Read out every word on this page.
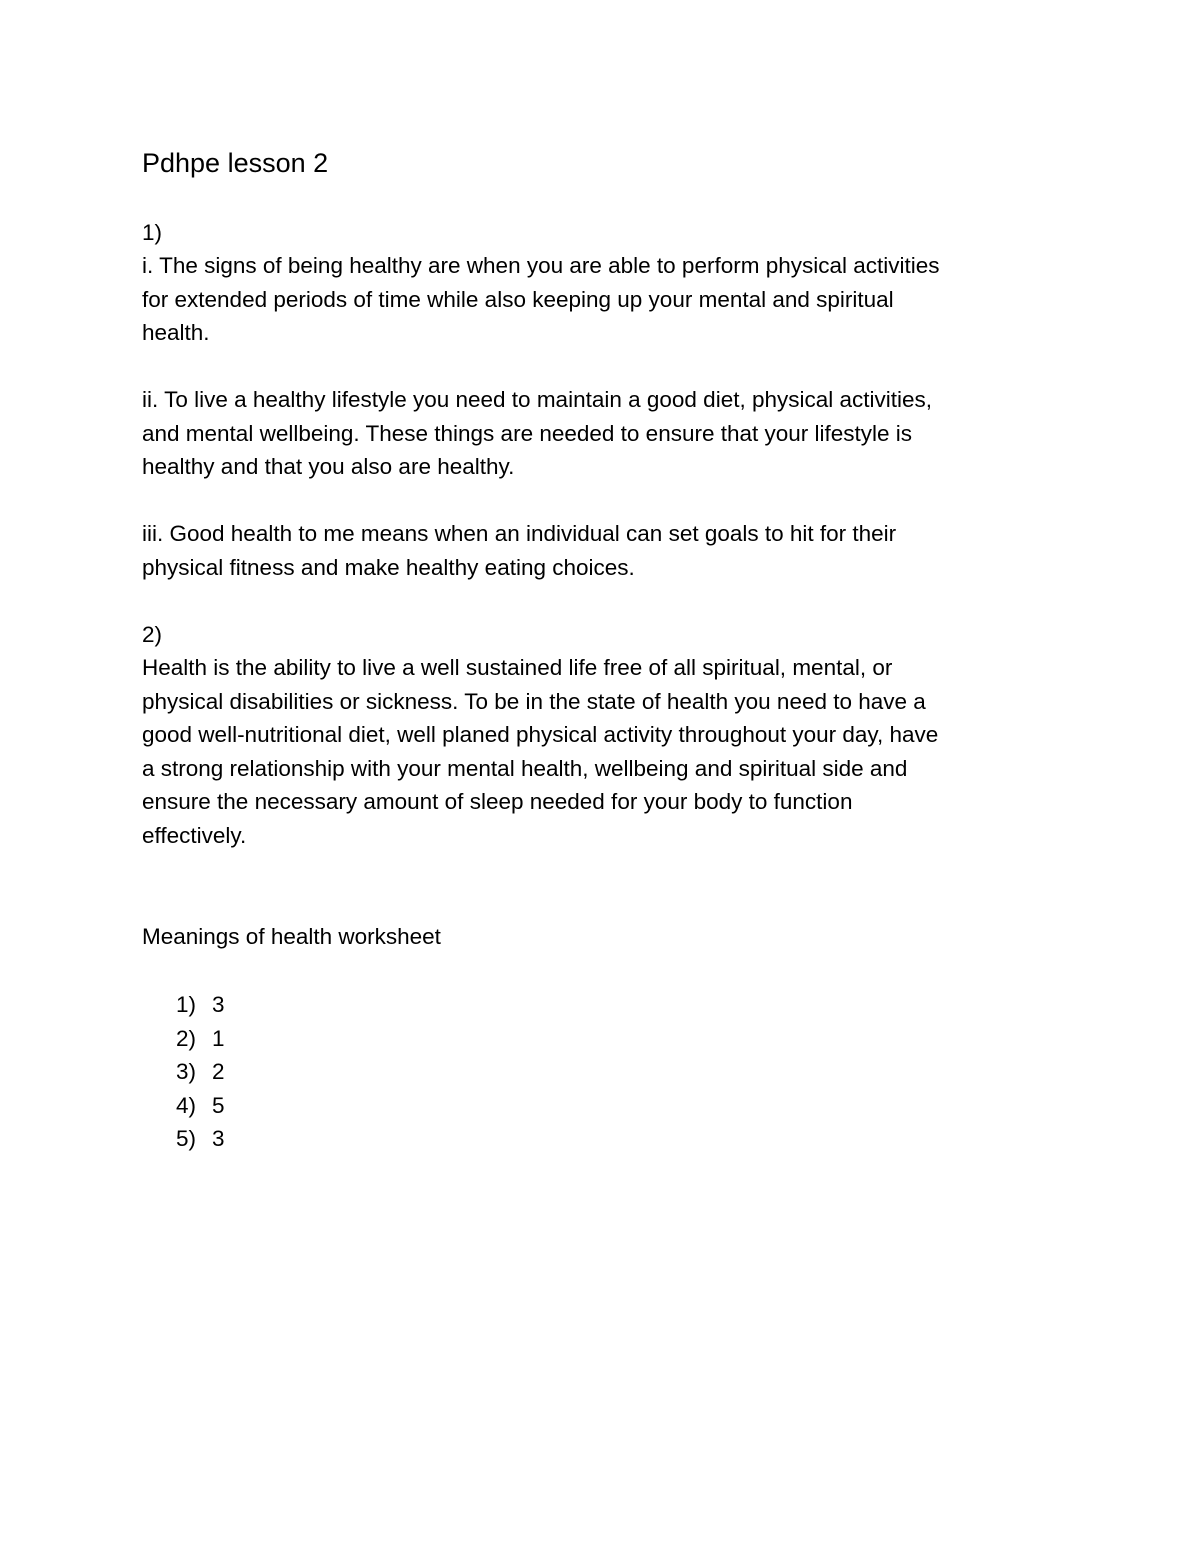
Pdhpe lesson 2

1)

i. The signs of being healthy are when you are able to perform physical activities
for extended periods of time while also keeping up your mental and spiritual
health.

ii. To live a healthy lifestyle you need to maintain a good diet, physical activities,
and mental wellbeing. These things are needed to ensure that your lifestyle is
healthy and that you also are healthy.

iii. Good health to me means when an individual can set goals to hit for their
physical fitness and make healthy eating choices.

2)

Health is the ability to live a well sustained life free of all spiritual, mental, or
physical disabilities or sickness. To be in the state of health you need to have a
good well-nutritional diet, well planed physical activity throughout your day, have
a strong relationship with your mental health, wellbeing and spiritual side and
ensure the necessary amount of sleep needed for your body to function
effectively.

Meanings of health worksheet

1) 3
2) 1
3) 2
4) 5
5) 3
